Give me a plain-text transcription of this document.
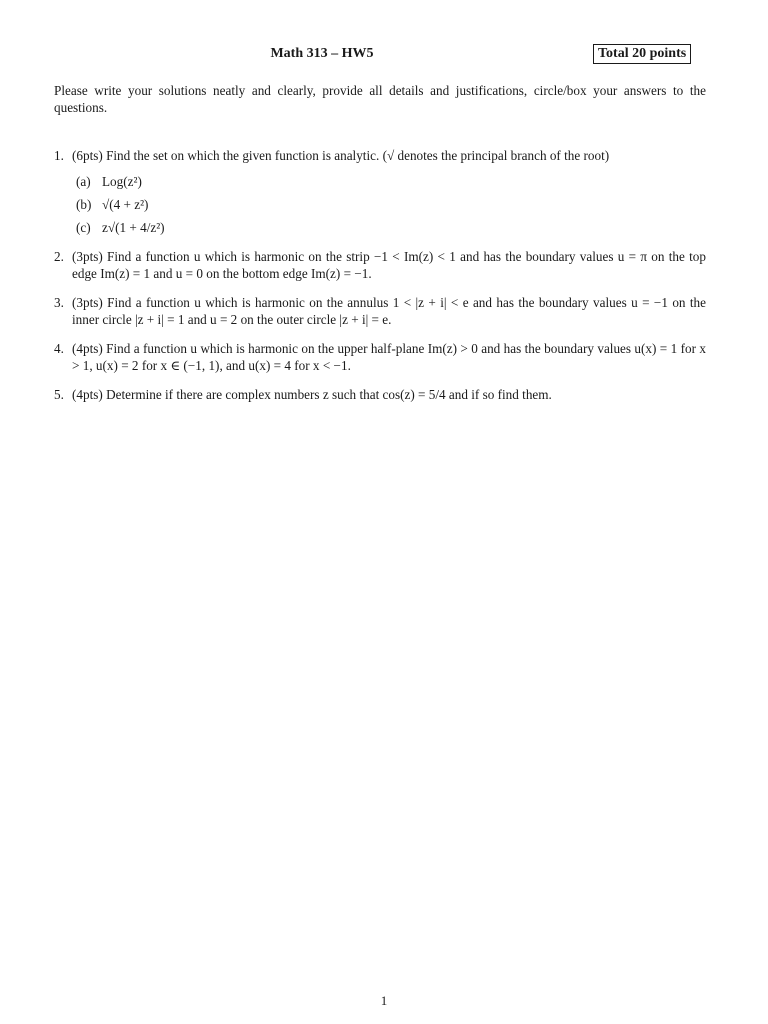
Math 313 – HW5	Total 20 points
Please write your solutions neatly and clearly, provide all details and justifications, circle/box your answers to the questions.
1. (6pts) Find the set on which the given function is analytic. (√ denotes the principal branch of the root)
(a) Log(z²)
(b) √(4 + z²)
(c) z√(1 + 4/z²)
2. (3pts) Find a function u which is harmonic on the strip −1 < Im(z) < 1 and has the boundary values u = π on the top edge Im(z) = 1 and u = 0 on the bottom edge Im(z) = −1.
3. (3pts) Find a function u which is harmonic on the annulus 1 < |z + i| < e and has the boundary values u = −1 on the inner circle |z + i| = 1 and u = 2 on the outer circle |z + i| = e.
4. (4pts) Find a function u which is harmonic on the upper half-plane Im(z) > 0 and has the boundary values u(x) = 1 for x > 1, u(x) = 2 for x ∈ (−1, 1), and u(x) = 4 for x < −1.
5. (4pts) Determine if there are complex numbers z such that cos(z) = 5/4 and if so find them.
1
